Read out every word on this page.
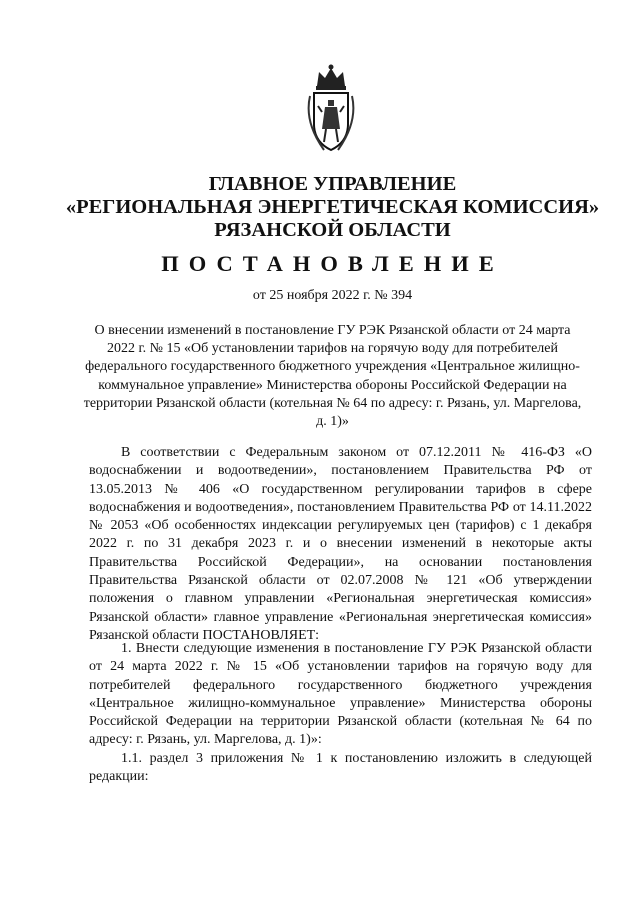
ГЛАВНОЕ УПРАВЛЕНИЕ
«РЕГИОНАЛЬНАЯ ЭНЕРГЕТИЧЕСКАЯ КОМИССИЯ»
РЯЗАНСКОЙ ОБЛАСТИ
ПОСТАНОВЛЕНИЕ
от 25 ноября 2022 г. № 394
О внесении изменений в постановление ГУ РЭК Рязанской области от 24 марта 2022 г. № 15 «Об установлении тарифов на горячую воду для потребителей федерального государственного бюджетного учреждения «Центральное жилищно-коммунальное управление» Министерства обороны Российской Федерации на территории Рязанской области (котельная № 64 по адресу: г. Рязань, ул. Маргелова, д. 1)»
В соответствии с Федеральным законом от 07.12.2011 № 416-ФЗ «О водоснабжении и водоотведении», постановлением Правительства РФ от 13.05.2013 № 406 «О государственном регулировании тарифов в сфере водоснабжения и водоотведения», постановлением Правительства РФ от 14.11.2022 № 2053 «Об особенностях индексации регулируемых цен (тарифов) с 1 декабря 2022 г. по 31 декабря 2023 г. и о внесении изменений в некоторые акты Правительства Российской Федерации», на основании постановления Правительства Рязанской области от 02.07.2008 № 121 «Об утверждении положения о главном управлении «Региональная энергетическая комиссия» Рязанской области» главное управление «Региональная энергетическая комиссия» Рязанской области ПОСТАНОВЛЯЕТ:
1. Внести следующие изменения в постановление ГУ РЭК Рязанской области от 24 марта 2022 г. № 15 «Об установлении тарифов на горячую воду для потребителей федерального государственного бюджетного учреждения «Центральное жилищно-коммунальное управление» Министерства обороны Российской Федерации на территории Рязанской области (котельная № 64 по адресу: г. Рязань, ул. Маргелова, д. 1)»:
1.1. раздел 3 приложения № 1 к постановлению изложить в следующей редакции:
